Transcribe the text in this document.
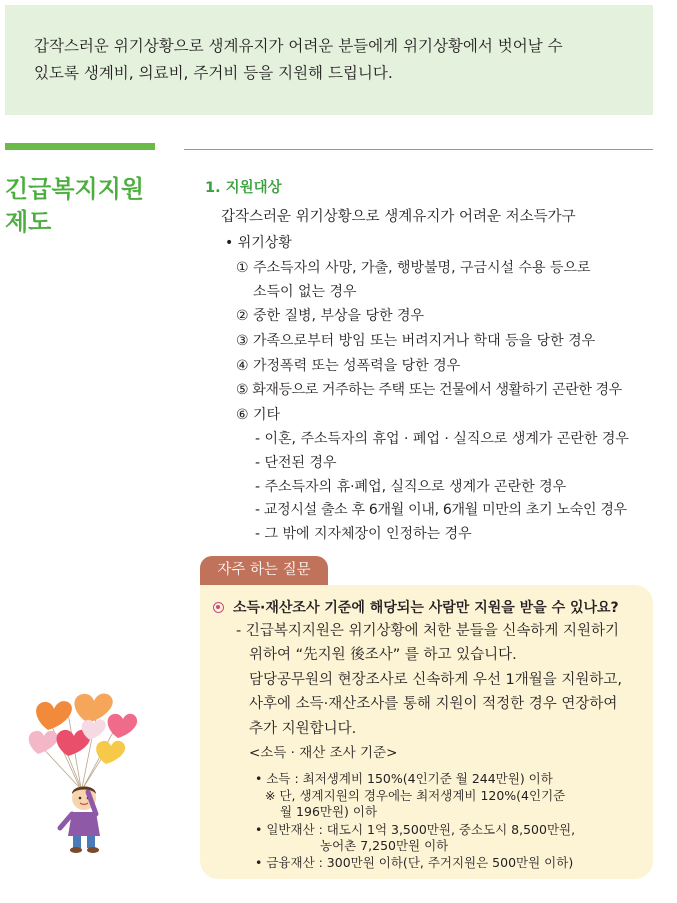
갑작스러운 위기상황으로 생계유지가 어려운 분들에게 위기상황에서 벗어날 수
있도록 생계비, 의료비, 주거비 등을 지원해 드립니다.

긴급복지지원
제도
1. 지원대상
갑작스러운 위기상황으로 생계유지가 어려운 저소득가구
• 위기상황
① 주소득자의 사망, 가출, 행방불명, 구금시설 수용 등으로
소득이 없는 경우
② 중한 질병, 부상을 당한 경우
③ 가족으로부터 방임 또는 버려지거나 학대 등을 당한 경우
④ 가정폭력 또는 성폭력을 당한 경우
⑤ 화재등으로 거주하는 주택 또는 건물에서 생활하기 곤란한 경우
⑥ 기타
- 이혼, 주소득자의 휴업 · 폐업 · 실직으로 생계가 곤란한 경우
- 단전된 경우
- 주소득자의 휴·폐업, 실직으로 생계가 곤란한 경우
- 교정시설 출소 후 6개월 이내, 6개월 미만의 초기 노숙인 경우
- 그 밖에 지자체장이 인정하는 경우
자주 하는 질문
소득·재산조사 기준에 해당되는 사람만 지원을 받을 수 있나요?
- 긴급복지지원은 위기상황에 처한 분들을 신속하게 지원하기
위하여 “先지원 後조사” 를 하고 있습니다.
담당공무원의 현장조사로 신속하게 우선 1개월을 지원하고,
사후에 소득·재산조사를 통해 지원이 적정한 경우 연장하여
추가 지원합니다.
<소득 · 재산 조사 기준>
• 소득 : 최저생계비 150%(4인기준 월 244만원) 이하
※ 단, 생계지원의 경우에는 최저생계비 120%(4인기준
월 196만원) 이하
• 일반재산 : 대도시 1억 3,500만원, 중소도시 8,500만원,
농어촌 7,250만원 이하
• 금융재산 : 300만원 이하(단, 주거지원은 500만원 이하)
